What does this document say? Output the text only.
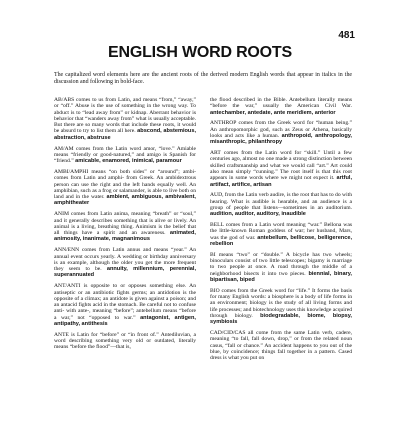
481
ENGLISH WORD ROOTS
The capitalized word elements here are the ancient roots of the derived modern English words that appear in italics in the discussion and following in bold-face.

AB/ABS comes to us from Latin, and means “from,” “away,” or “off.” Abuse is the use of something in the wrong way. To abduct is to “lead away from” or kidnap. Aberrant behavior is behavior that “wanders away from” what is usually acceptable. But there are so many words that include these roots, it would be absurd to try to list them all here. abscond, abstemious, abstraction, abstruse

AM/AM comes from the Latin word amor, “love.” Amiable means “friendly or good-natured,” and amigo is Spanish for “friend.” amicable, enamored, inimical, paramour

AMBI/AMPHI means “on both sides” or “around”; ambi- comes from Latin and amphi- from Greek. An ambidextrous person can use the right and the left hands equally well. An amphibian, such as a frog or salamander, is able to live both on land and in the water. ambient, ambiguous, ambivalent, amphitheater

ANIM comes from Latin anima, meaning “breath” or “soul,” and it generally describes something that is alive or lively. An animal is a living, breathing thing. Animism is the belief that all things have a spirit and an awareness. animated, animosity, inanimate, magnanimous

ANN/ENN comes from Latin annus and means “year.” An annual event occurs yearly. A wedding or birthday anniversary is an example, although the older you get the more frequent they seem to be. annuity, millennium, perennial, superannuated

ANT/ANTI is opposite to or opposes something else. An antiseptic or an antibiotic fights germs; an antidotion is the opposite of a climax; an antidote is given against a poison; and an antacid fights acid in the stomach. Be careful not to confuse anti- with ante-, meaning “before”; antebellum means “before a war,” not “opposed to war.” antagonist, antigen, antipathy, antithesis

ANTE is Latin for “before” or “in front of.” Antediluvian, a word describing something very old or outdated, literally means “before the flood”—that is,

the flood described in the Bible. Antebellum literally means “before the war,” usually the American Civil War. antechamber, antedate, ante meridiem, anterior

ANTHROP comes from the Greek word for “human being.” An anthropomorphic god, such as Zeus or Athena, basically looks and acts like a human. anthropoid, anthropology, misanthropic, philanthropy

ART comes from the Latin word for “skill.” Until a few centuries ago, almost no one made a strong distinction between skilled craftsmanship and what we would call “art.” Art could also mean simply “cunning.” The root itself is that this root appears in some words where we might not expect it. artful, artifact, artifice, artisan

AUD, from the Latin verb audire, is the root that has to do with hearing. What is audible is hearable, and an audience is a group of people that listens—sometimes in an auditorium. audition, auditor, auditory, inaudible

BELL comes from a Latin word meaning “war.” Bellona was the little-known Roman goddess of war; her husband, Mars, was the god of war. antebellum, bellicose, belligerence, rebellion

BI means “two” or “double.” A bicycle has two wheels; binoculars consist of two little telescopes; bigamy is marriage to two people at once. A road through the middle of a neighborhood bisects it into two pieces. biennial, binary, bipartisan, biped

BIO comes from the Greek word for “life.” It forms the basis for many English words: a biosphere is a body of life forms in an environment; biology is the study of all living forms and life processes; and biotechnology uses this knowledge acquired through biology. biodegradable, biome, biopsy, symbiosis

CAD/CID/CAS all come from the same Latin verb, cadere, meaning “to fall, fall down, drop,” or from the related noun casus, “fall or chance.” An accident happens to you out of the blue, by coincidence; things fall together in a pattern. Cased dress is what you put on
